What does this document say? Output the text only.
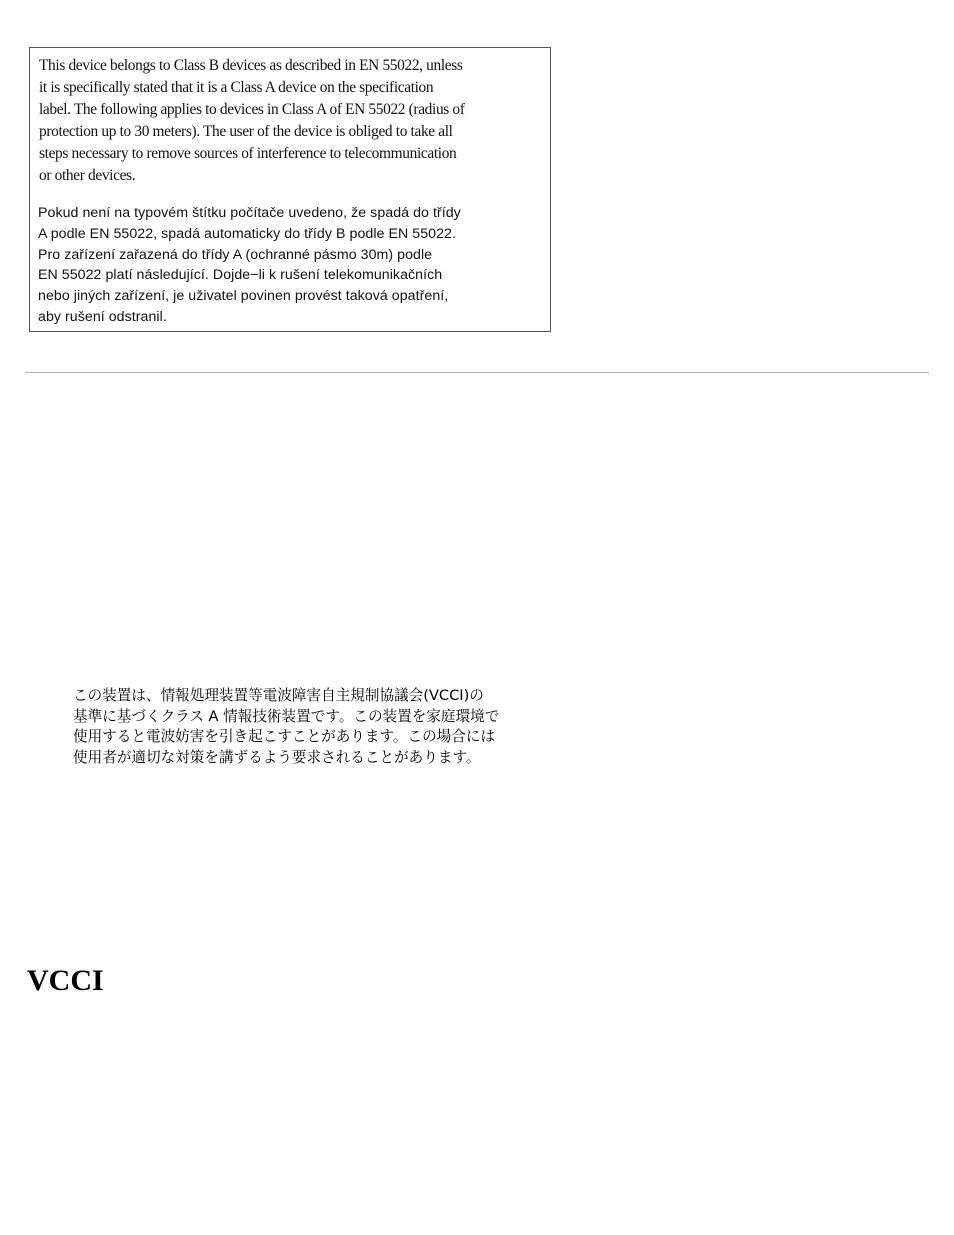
This device belongs to Class B devices as described in EN 55022, unless
it is specifically stated that it is a Class A device on the specification
label. The following applies to devices in Class A of EN 55022 (radius of
protection up to 30 meters). The user of the device is obliged to take all
steps necessary to remove sources of interference to telecommunication
or other devices.

Pokud není na typovém štítku počítače uvedeno, že spadá do třídy
A podle EN 55022, spadá automaticky do třídy B podle EN 55022.
Pro zařízení zařazená do třídy A (ochranné pásmo 30m) podle
EN 55022 platí následující. Dojde−li k rušení telekomunikačních
nebo jiných zařízení, je uživatel povinen provést taková opatření,
aby rušení odstranil.

この装置は、情報処理装置等電波障害自主規制協議会(VCCI)の
基準に基づくクラス A 情報技術装置です。この装置を家庭環境で
使用すると電波妨害を引き起こすことがあります。この場合には
使用者が適切な対策を講ずるよう要求されることがあります。

VCCI
